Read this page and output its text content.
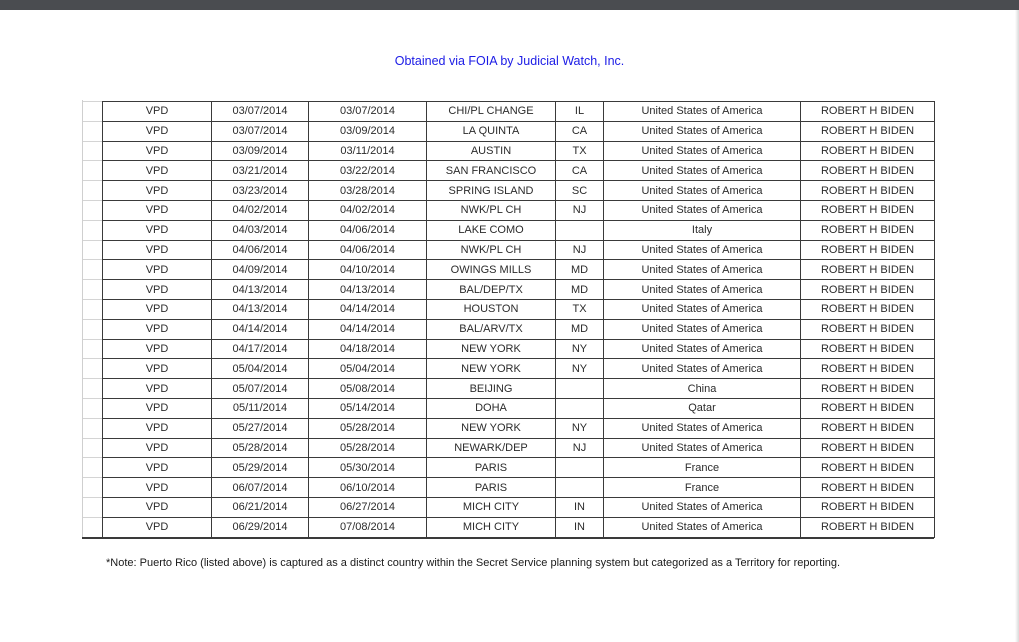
Obtained via FOIA by Judicial Watch, Inc.
VPD	03/07/2014	03/07/2014	CHI/PL CHANGE	IL	United States of America	ROBERT H BIDEN
VPD	03/07/2014	03/09/2014	LA QUINTA	CA	United States of America	ROBERT H BIDEN
VPD	03/09/2014	03/11/2014	AUSTIN	TX	United States of America	ROBERT H BIDEN
VPD	03/21/2014	03/22/2014	SAN FRANCISCO	CA	United States of America	ROBERT H BIDEN
VPD	03/23/2014	03/28/2014	SPRING ISLAND	SC	United States of America	ROBERT H BIDEN
VPD	04/02/2014	04/02/2014	NWK/PL CH	NJ	United States of America	ROBERT H BIDEN
VPD	04/03/2014	04/06/2014	LAKE COMO		Italy	ROBERT H BIDEN
VPD	04/06/2014	04/06/2014	NWK/PL CH	NJ	United States of America	ROBERT H BIDEN
VPD	04/09/2014	04/10/2014	OWINGS MILLS	MD	United States of America	ROBERT H BIDEN
VPD	04/13/2014	04/13/2014	BAL/DEP/TX	MD	United States of America	ROBERT H BIDEN
VPD	04/13/2014	04/14/2014	HOUSTON	TX	United States of America	ROBERT H BIDEN
VPD	04/14/2014	04/14/2014	BAL/ARV/TX	MD	United States of America	ROBERT H BIDEN
VPD	04/17/2014	04/18/2014	NEW YORK	NY	United States of America	ROBERT H BIDEN
VPD	05/04/2014	05/04/2014	NEW YORK	NY	United States of America	ROBERT H BIDEN
VPD	05/07/2014	05/08/2014	BEIJING		China	ROBERT H BIDEN
VPD	05/11/2014	05/14/2014	DOHA		Qatar	ROBERT H BIDEN
VPD	05/27/2014	05/28/2014	NEW YORK	NY	United States of America	ROBERT H BIDEN
VPD	05/28/2014	05/28/2014	NEWARK/DEP	NJ	United States of America	ROBERT H BIDEN
VPD	05/29/2014	05/30/2014	PARIS		France	ROBERT H BIDEN
VPD	06/07/2014	06/10/2014	PARIS		France	ROBERT H BIDEN
VPD	06/21/2014	06/27/2014	MICH CITY	IN	United States of America	ROBERT H BIDEN
VPD	06/29/2014	07/08/2014	MICH CITY	IN	United States of America	ROBERT H BIDEN
*Note: Puerto Rico (listed above) is captured as a distinct country within the Secret Service planning system but categorized as a Territory for reporting.
